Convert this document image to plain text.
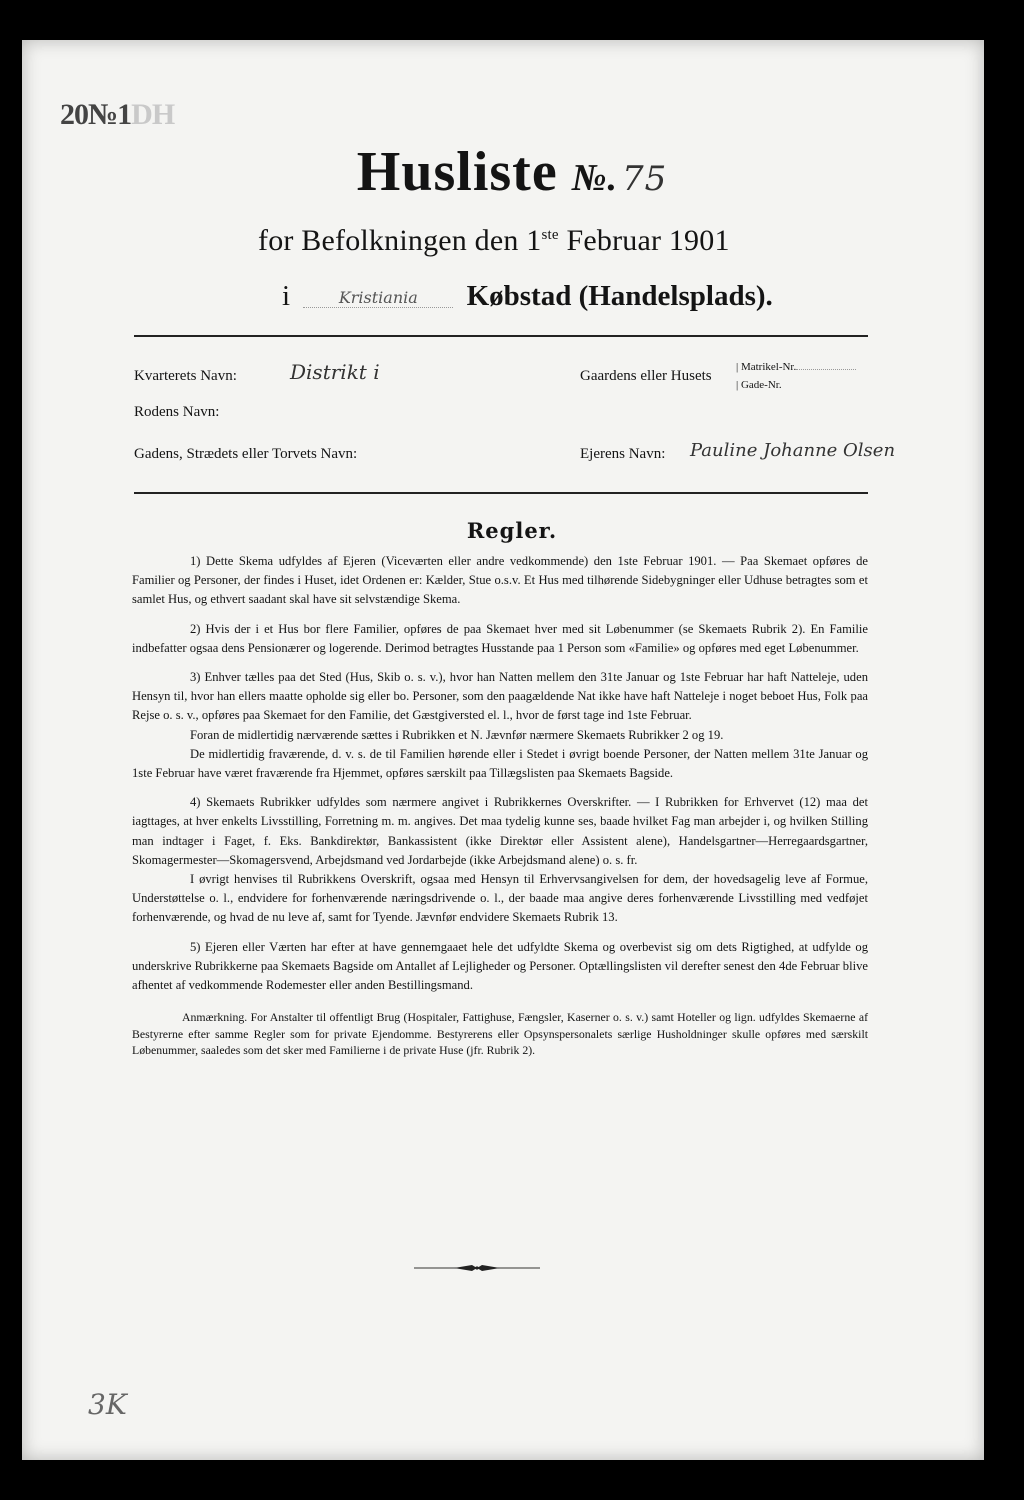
20№1DH
Husliste №. 75
for Befolkningen den 1ste Februar 1901
i	Kristiania Købstad (Handelsplads).
Kvarterets Navn:	Distrikt i	Gaardens eller Husets
| Matrikel-Nr.
| Gade-Nr.
Rodens Navn:
Gadens, Strædets eller Torvets Navn:	Ejerens Navn: Pauline Johanne Olsen
Regler.

1) Dette Skema udfyldes af Ejeren (Viceværten eller andre vedkommende) den 1ste Februar 1901. — Paa Skemaet opføres de Familier og Personer, der findes i Huset, idet Ordenen er: Kælder, Stue o.s.v. Et Hus med tilhørende Sidebygninger eller Udhuse betragtes som et samlet Hus, og ethvert saadant skal have sit selvstændige Skema.

2) Hvis der i et Hus bor flere Familier, opføres de paa Skemaet hver med sit Løbenummer (se Skemaets Rubrik 2). En Familie indbefatter ogsaa dens Pensionærer og logerende. Derimod betragtes Husstande paa 1 Person som «Familie» og opføres med eget Løbenummer.

3) Enhver tælles paa det Sted (Hus, Skib o. s. v.), hvor han Natten mellem den 31te Januar og 1ste Februar har haft Natteleje, uden Hensyn til, hvor han ellers maatte opholde sig eller bo. Personer, som den paagældende Nat ikke have haft Natteleje i noget beboet Hus, Folk paa Rejse o. s. v., opføres paa Skemaet for den Familie, det Gæstgiversted el. l., hvor de først tage ind 1ste Februar.

Foran de midlertidig nærværende sættes i Rubrikken et N. Jævnfør nærmere Skemaets Rubrikker 2 og 19.

De midlertidig fraværende, d. v. s. de til Familien hørende eller i Stedet i øvrigt boende Personer, der Natten mellem 31te Januar og 1ste Februar have været fraværende fra Hjemmet, opføres særskilt paa Tillægslisten paa Skemaets Bagside.

4) Skemaets Rubrikker udfyldes som nærmere angivet i Rubrikkernes Overskrifter. — I Rubrikken for Erhvervet (12) maa det iagttages, at hver enkelts Livsstilling, Forretning m. m. angives. Det maa tydelig kunne ses, baade hvilket Fag man arbejder i, og hvilken Stilling man indtager i Faget, f. Eks. Bankdirektør, Bankassistent (ikke Direktør eller Assistent alene), Handelsgartner—Herregaardsgartner, Skomagermester—Skomagersvend, Arbejdsmand ved Jordarbejde (ikke Arbejdsmand alene) o. s. fr.

I øvrigt henvises til Rubrikkens Overskrift, ogsaa med Hensyn til Erhvervsangivelsen for dem, der hovedsagelig leve af Formue, Understøttelse o. l., endvidere for forhenværende næringsdrivende o. l., der baade maa angive deres forhenværende Livsstilling med vedføjet forhenværende, og hvad de nu leve af, samt for Tyende. Jævnfør endvidere Skemaets Rubrik 13.

5) Ejeren eller Værten har efter at have gennemgaaet hele det udfyldte Skema og overbevist sig om dets Rigtighed, at udfylde og underskrive Rubrikkerne paa Skemaets Bagside om Antallet af Lejligheder og Personer. Optællingslisten vil derefter senest den 4de Februar blive afhentet af vedkommende Rodemester eller anden Bestillingsmand.

Anmærkning. For Anstalter til offentligt Brug (Hospitaler, Fattighuse, Fængsler, Kaserner o. s. v.) samt Hoteller og lign. udfyldes Skemaerne af Bestyrerne efter samme Regler som for private Ejendomme. Bestyrerens eller Opsynspersonalets særlige Husholdninger skulle opføres med særskilt Løbenummer, saaledes som det sker med Familierne i de private Huse (jfr. Rubrik 2).

3K
